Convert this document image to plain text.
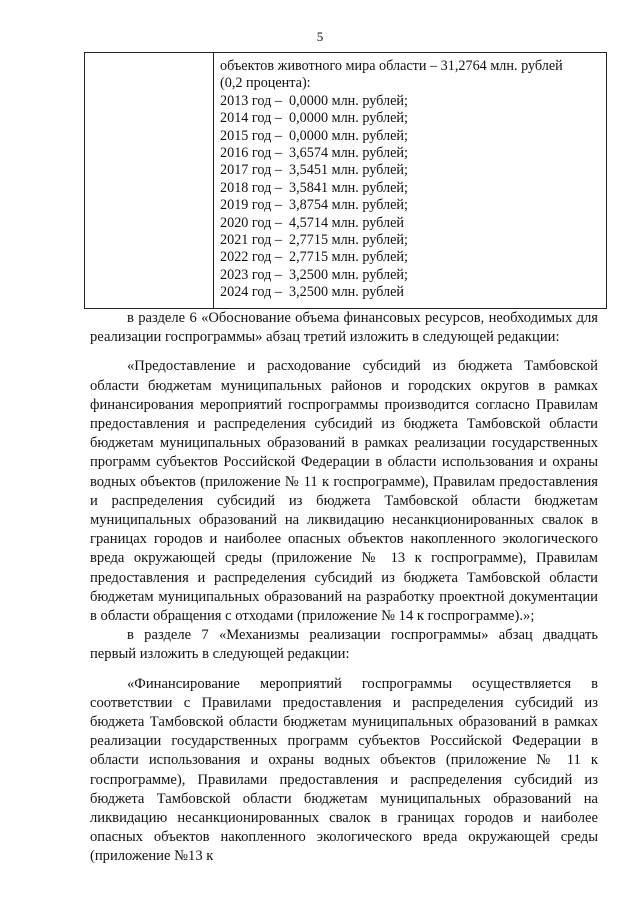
5
объектов животного мира области – 31,2764 млн. рублей
(0,2 процента):
2013 год –  0,0000 млн. рублей;
2014 год –  0,0000 млн. рублей;
2015 год –  0,0000 млн. рублей;
2016 год –  3,6574 млн. рублей;
2017 год –  3,5451 млн. рублей;
2018 год –  3,5841 млн. рублей;
2019 год –  3,8754 млн. рублей;
2020 год –  4,5714 млн. рублей
2021 год –  2,7715 млн. рублей;
2022 год –  2,7715 млн. рублей;
2023 год –  3,2500 млн. рублей;
2024 год –  3,2500 млн. рублей

в разделе 6 «Обоснование объема финансовых ресурсов, необходимых для реализации госпрограммы» абзац третий изложить в следующей редакции:

«Предоставление и расходование субсидий из бюджета Тамбовской области бюджетам муниципальных районов и городских округов в рамках финансирования мероприятий госпрограммы производится согласно Правилам предоставления и распределения субсидий из бюджета Тамбовской области бюджетам муниципальных образований в рамках реализации государственных программ субъектов Российской Федерации в области использования и охраны водных объектов (приложение № 11 к госпрограмме), Правилам предоставления и распределения субсидий из бюджета Тамбовской области бюджетам муниципальных образований на ликвидацию несанкционированных свалок в границах городов и наиболее опасных объектов накопленного экологического вреда окружающей среды (приложение № 13 к госпрограмме), Правилам предоставления и распределения субсидий из бюджета Тамбовской области бюджетам муниципальных образований на разработку проектной документации в области обращения с отходами (приложение № 14 к госпрограмме).»;

в разделе 7 «Механизмы реализации госпрограммы» абзац двадцать первый изложить в следующей редакции:

«Финансирование мероприятий госпрограммы осуществляется в соответствии с Правилами предоставления и распределения субсидий из бюджета Тамбовской области бюджетам муниципальных образований в рамках реализации государственных программ субъектов Российской Федерации в области использования и охраны водных объектов (приложение № 11 к госпрограмме), Правилами предоставления и распределения субсидий из бюджета Тамбовской области бюджетам муниципальных образований на ликвидацию несанкционированных свалок в границах городов и наиболее опасных объектов накопленного экологического вреда окружающей среды (приложение №13 к
